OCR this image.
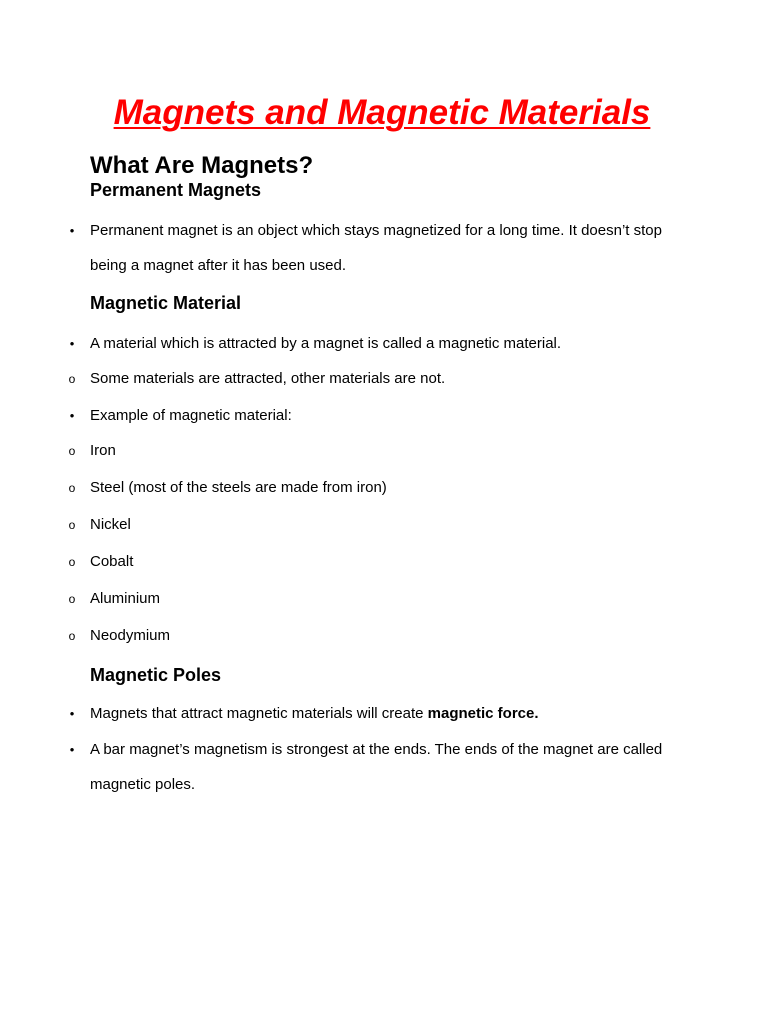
Magnets and Magnetic Materials
What Are Magnets?
Permanent Magnets
• Permanent magnet is an object which stays magnetized for a long time. It doesn’t stop being a magnet after it has been used.
Magnetic Material
• A material which is attracted by a magnet is called a magnetic material.
o Some materials are attracted, other materials are not.
• Example of magnetic material:
o Iron
o Steel (most of the steels are made from iron)
o Nickel
o Cobalt
o Aluminium
o Neodymium
Magnetic Poles
• Magnets that attract magnetic materials will create magnetic force.
• A bar magnet’s magnetism is strongest at the ends. The ends of the magnet are called magnetic poles.
